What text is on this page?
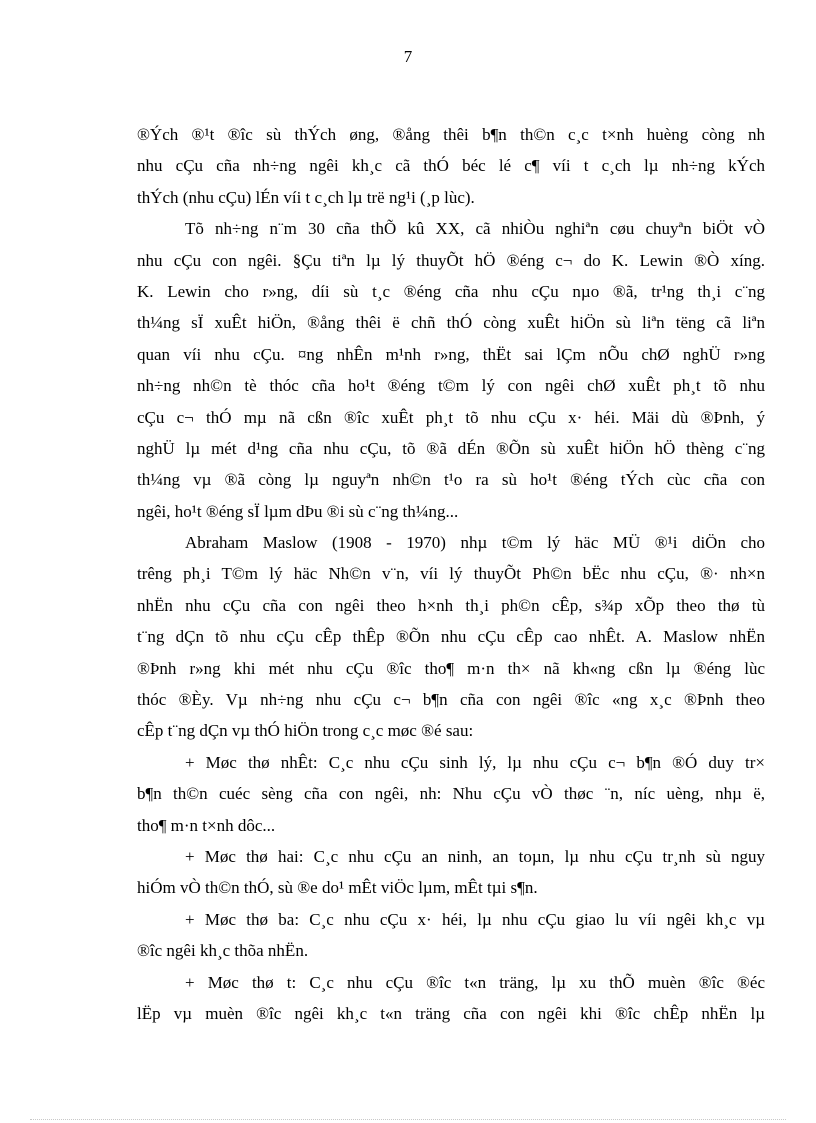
7
®Ých ®¹t ®îc sù thÝch øng, ®ång thêi b¶n th©n c¸c t×nh huèng còng nh
nhu cÇu cña nh÷ng ngêi kh¸c cã thÓ béc lé c¶ víi t c¸ch lµ nh÷ng kÝch
thÝch (nhu cÇu) lÉn víi t c¸ch lµ trë ng¹i (¸p lùc).
Tõ nh÷ng n¨m 30 cña thÕ kû XX, cã nhiÒu nghiªn cøu chuyªn biÖt vÒ
nhu cÇu con ngêi. §Çu tiªn lµ lý thuyÕt hÖ ®éng c¬ do K. Lewin ®Ò xíng.
K. Lewin cho r»ng, díi sù t¸c ®éng cña nhu cÇu nµo ®ã, tr¹ng th¸i c¨ng
th¼ng sÏ xuÊt hiÖn, ®ång thêi ë chñ thÓ còng xuÊt hiÖn sù liªn tëng cã liªn
quan víi nhu cÇu. ¤ng nhÊn m¹nh r»ng, thËt sai lÇm nÕu chØ nghÜ r»ng
nh÷ng nh©n tè thóc cña ho¹t ®éng t©m lý con ngêi chØ xuÊt ph¸t tõ nhu
cÇu c¬ thÓ mµ nã cßn ®îc xuÊt ph¸t tõ nhu cÇu x· héi. Mäi dù ®Þnh, ý
nghÜ lµ mét d¹ng cña nhu cÇu, tõ ®ã dÉn ®Õn sù xuÊt hiÖn hÖ thèng c¨ng
th¼ng vµ ®ã còng lµ nguyªn nh©n t¹o ra sù ho¹t ®éng tÝch cùc cña con
ngêi, ho¹t ®éng sÏ lµm dÞu ®i sù c¨ng th¼ng...
Abraham Maslow (1908 - 1970) nhµ t©m lý häc MÜ ®¹i diÖn cho
trêng ph¸i T©m lý häc Nh©n v¨n, víi lý thuyÕt Ph©n bËc nhu cÇu, ®· nh×n
nhËn nhu cÇu cña con ngêi theo h×nh th¸i ph©n cÊp, s¾p xÕp theo thø tù
t¨ng dÇn tõ nhu cÇu cÊp thÊp ®Õn nhu cÇu cÊp cao nhÊt. A. Maslow nhËn
®Þnh r»ng khi mét nhu cÇu ®îc tho¶ m·n th× nã kh«ng cßn lµ ®éng lùc
thóc ®Èy. Vµ nh÷ng nhu cÇu c¬ b¶n cña con ngêi ®îc «ng x¸c ®Þnh theo
cÊp t¨ng dÇn vµ thÓ hiÖn trong c¸c møc ®é sau:
+ Møc thø nhÊt: C¸c nhu cÇu sinh lý, lµ nhu cÇu c¬ b¶n ®Ó duy tr×
b¶n th©n cuéc sèng cña con ngêi, nh: Nhu cÇu vÒ thøc ¨n, níc uèng, nhµ ë,
tho¶ m·n t×nh dôc...
+ Møc thø hai: C¸c nhu cÇu an ninh, an toµn, lµ nhu cÇu tr¸nh sù nguy
hiÓm vÒ th©n thÓ, sù ®e do¹ mÊt viÖc lµm, mÊt tµi s¶n.
+ Møc thø ba: C¸c nhu cÇu x· héi, lµ nhu cÇu giao lu víi ngêi kh¸c vµ
®îc ngêi kh¸c thõa nhËn.
+ Møc thø t: C¸c nhu cÇu ®îc t«n träng, lµ xu thÕ muèn ®îc ®éc
lËp vµ muèn ®îc ngêi kh¸c t«n träng cña con ngêi khi ®îc chÊp nhËn lµ
